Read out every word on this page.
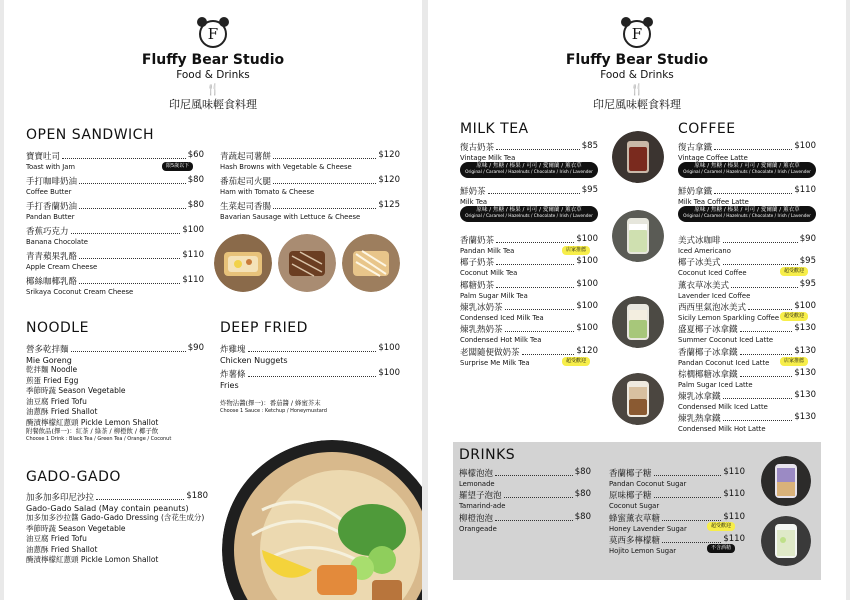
F
Fluffy Bear Studio
Food & Drinks
🍴
印尼風味輕食料理
OPEN SANDWICH
寶寶吐司	$60
Toast with Jam	限5歲以下
手打咖啡奶油	$80
Coffee Butter
手打香蘭奶油	$80
Pandan Butter
香蕉巧克力	$100
Banana Chocolate
青青蘋果乳酪	$110
Apple Cream Cheese
椰絲咖椰乳酪	$110
Srikaya Coconut Cream Cheese
青蔬起司薯餅	$120
Hash Browns with Vegetable & Cheese
番茄起司火腿	$120
Ham with Tomato & Cheese
生菜起司香腸	$125
Bavarian Sausage with Lettuce & Cheese
NOODLE
營多乾拌麵	$90
Mie Goreng
乾拌麵 Noodle
煎蛋 Fried Egg
季節時蔬 Season Vegetable
油豆腐 Fried Tofu
油蔥酥 Fried Shallot
醃漬檸檬紅蔥頭 Pickle Lemon Shallot
附餐飲品(擇一)：紅茶 / 綠茶 / 柳橙飲 / 椰子飲
Choose 1 Drink : Black Tea / Green Tea / Orange / Coconut
DEEP FRIED
炸雞塊	$100
Chicken Nuggets
炸薯條	$100
Fries
炸物沾醬(擇一)：番茄醬 / 蜂蜜芥末
Choose 1 Sauce : Ketchup / Honeymustard
GADO-GADO
加多加多印尼沙拉	$180
Gado-Gado Salad (May contain peanuts)
加多加多沙拉醬 Gado-Gado Dressing (含花生成分)
季節時蔬 Season Vegetable
油豆腐 Fried Tofu
油蔥酥 Fried Shallot
醃漬檸檬紅蔥頭 Pickle Lomon Shallot
F
Fluffy Bear Studio
Food & Drinks
🍴
印尼風味輕食料理
MILK TEA
復古奶茶	$85
Vintage Milk Tea
原味 / 焦糖 / 榛果 / 可可 / 愛爾蘭 / 薰衣草
Original / Caramel / Hazelnuts / Chocolate / Irish / Lavender
鮮奶茶	$95
Milk Tea
原味 / 焦糖 / 榛果 / 可可 / 愛爾蘭 / 薰衣草
Original / Caramel / Hazelnuts / Chocolate / Irish / Lavender
香蘭奶茶	$100
Pandan Milk Tea	店家推薦
椰子奶茶	$100
Coconut Milk Tea
椰糖奶茶	$100
Palm Sugar Milk Tea
煉乳冰奶茶	$100
Condensed Iced Milk Tea
煉乳熱奶茶	$100
Condensed Hot Milk Tea
老闆隨便做奶茶	$120
Surprise Me Milk Tea	超受歡迎
COFFEE
復古拿鐵	$100
Vintage Coffee Latte
原味 / 焦糖 / 榛果 / 可可 / 愛爾蘭 / 薰衣草
Original / Caramel / Hazelnuts / Chocolate / Irish / Lavender
鮮奶拿鐵	$110
Milk Tea Coffee Latte
原味 / 焦糖 / 榛果 / 可可 / 愛爾蘭 / 薰衣草
Original / Caramel / Hazelnuts / Chocolate / Irish / Lavender
美式冰咖啡	$90
Iced Americano
椰子冰美式	$95
Coconut Iced Coffee	超受歡迎
薰衣草冰美式	$95
Lavender Iced Coffee
西西里氣泡冰美式	$100
Sicily Lemon Sparkling Coffee 超受歡迎
盛夏椰子冰拿鐵	$130
Summer Coconut Iced Latte
香蘭椰子冰拿鐵	$130
Pandan Coconut Iced Latte	店家推薦
棕櫚椰糖冰拿鐵	$130
Palm Sugar Iced Latte
煉乳冰拿鐵	$130
Condensed Milk Iced Latte
煉乳熱拿鐵	$130
Condensed Milk Hot Latte
DRINKS
檸檬泡泡	$80
Lemonade
羅望子泡泡	$80
Tamarind-ade
柳橙泡泡	$80
Orangeade
香蘭椰子糖	$110
Pandan Coconut Sugar
原味椰子糖	$110
Coconut Sugar
蜂蜜薰衣草糖	$110
Honey Lavender Sugar	超受歡迎
莫西多檸檬糖	$110
Hojito Lemon Sugar	不含酒精
